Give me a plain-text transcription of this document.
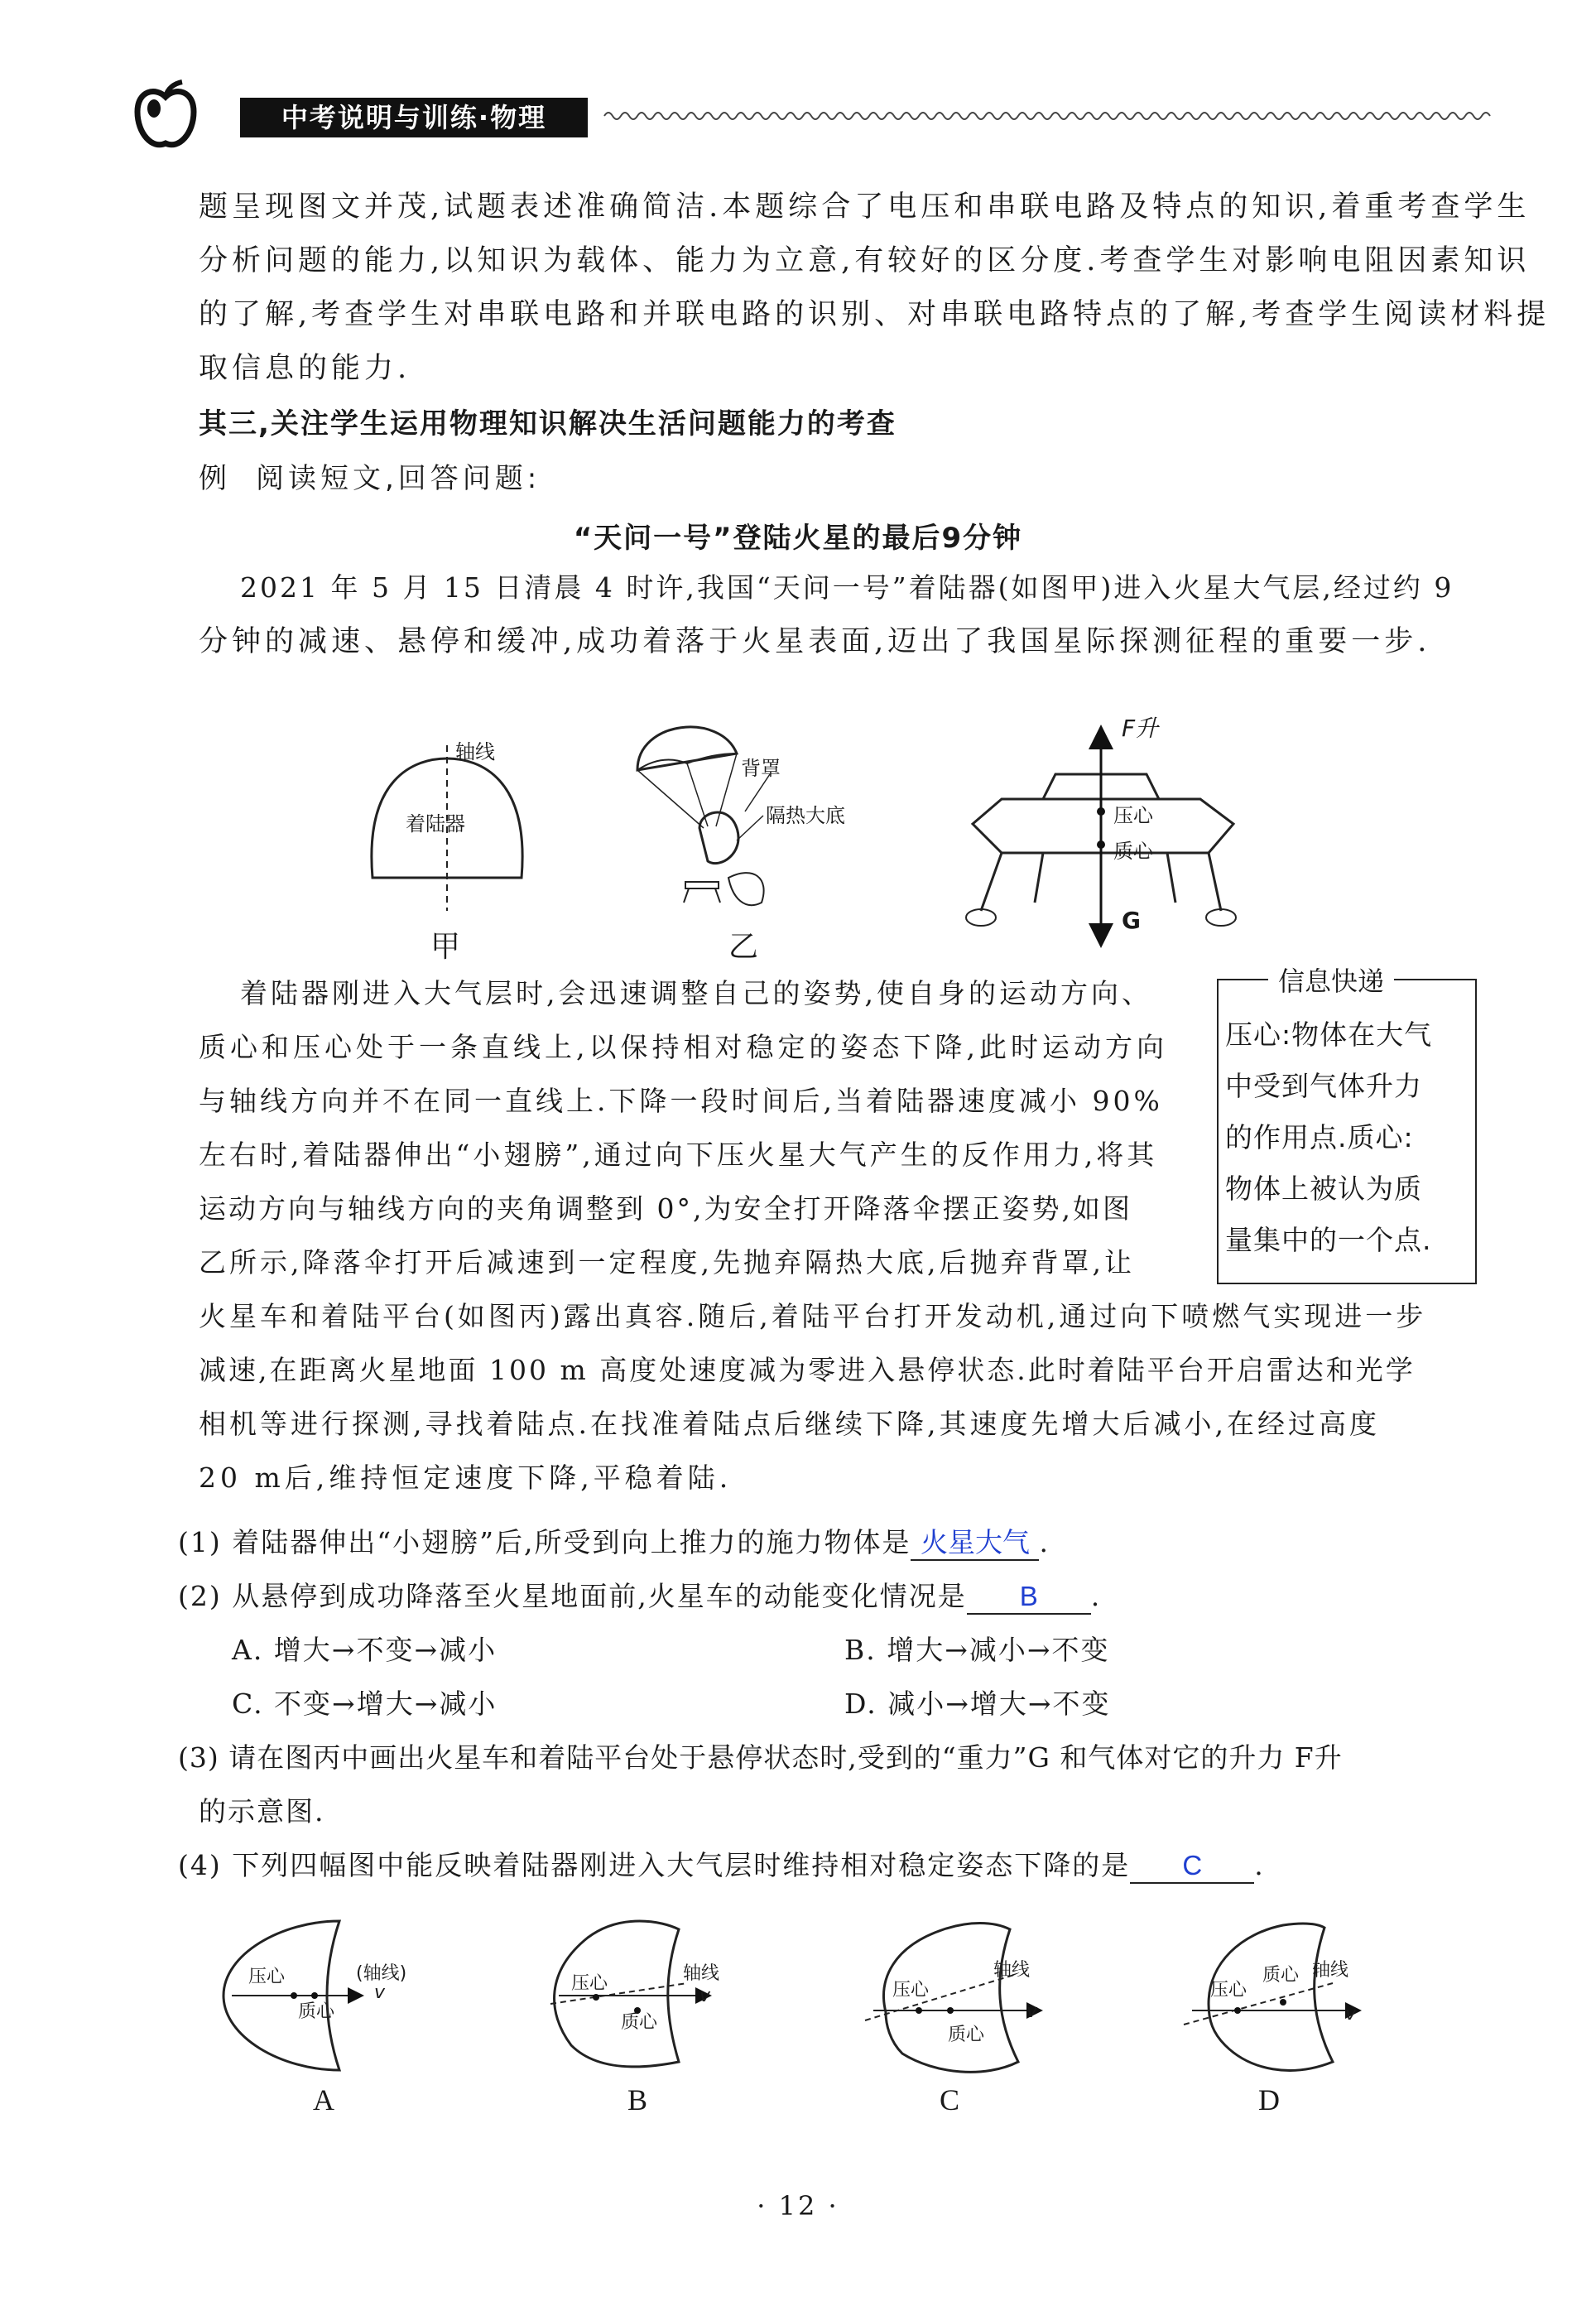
中考说明与训练·物理
题呈现图文并茂,试题表述准确简洁.本题综合了电压和串联电路及特点的知识,着重考查学生
分析问题的能力,以知识为载体、能力为立意,有较好的区分度.考查学生对影响电阻因素知识
的了解,考查学生对串联电路和并联电路的识别、对串联电路特点的了解,考查学生阅读材料提
取信息的能力.
其三,关注学生运用物理知识解决生活问题能力的考查
例 阅读短文,回答问题:
“天问一号”登陆火星的最后9分钟
2021 年 5 月 15 日清晨 4 时许,我国“天问一号”着陆器(如图甲)进入火星大气层,经过约 9
分钟的减速、悬停和缓冲,成功着落于火星表面,迈出了我国星际探测征程的重要一步.
轴线
着陆器
甲
背罩
隔热大底
乙
F升
压心
质心
G
着陆器刚进入大气层时,会迅速调整自己的姿势,使自身的运动方向、
质心和压心处于一条直线上,以保持相对稳定的姿态下降,此时运动方向
与轴线方向并不在同一直线上.下降一段时间后,当着陆器速度减小 90%
左右时,着陆器伸出“小翅膀”,通过向下压火星大气产生的反作用力,将其
运动方向与轴线方向的夹角调整到 0°,为安全打开降落伞摆正姿势,如图
乙所示,降落伞打开后减速到一定程度,先抛弃隔热大底,后抛弃背罩,让
火星车和着陆平台(如图丙)露出真容.随后,着陆平台打开发动机,通过向下喷燃气实现进一步
减速,在距离火星地面 100 m 高度处速度减为零进入悬停状态.此时着陆平台开启雷达和光学
相机等进行探测,寻找着陆点.在找准着陆点后继续下降,其速度先增大后减小,在经过高度
20 m后,维持恒定速度下降,平稳着陆.
信息快递
压心:物体在大气
中受到气体升力
的作用点.质心:
物体上被认为质
量集中的一个点.
(1) 着陆器伸出“小翅膀”后,所受到向上推力的施力物体是 火星大气 .
(2) 从悬停到成功降落至火星地面前,火星车的动能变化情况是 B .
A. 增大→不变→减小	B. 增大→减小→不变
C. 不变→增大→减小	D. 减小→增大→不变
(3) 请在图丙中画出火星车和着陆平台处于悬停状态时,受到的“重力”G 和气体对它的升力 F升
的示意图.
(4) 下列四幅图中能反映着陆器刚进入大气层时维持相对稳定姿态下降的是 C .
压心
质心
(轴线)
v
A
压心
质心
轴线
v
B
压心
质心
轴线
v
C
压心
质心 轴线
v
D
· 12 ·
